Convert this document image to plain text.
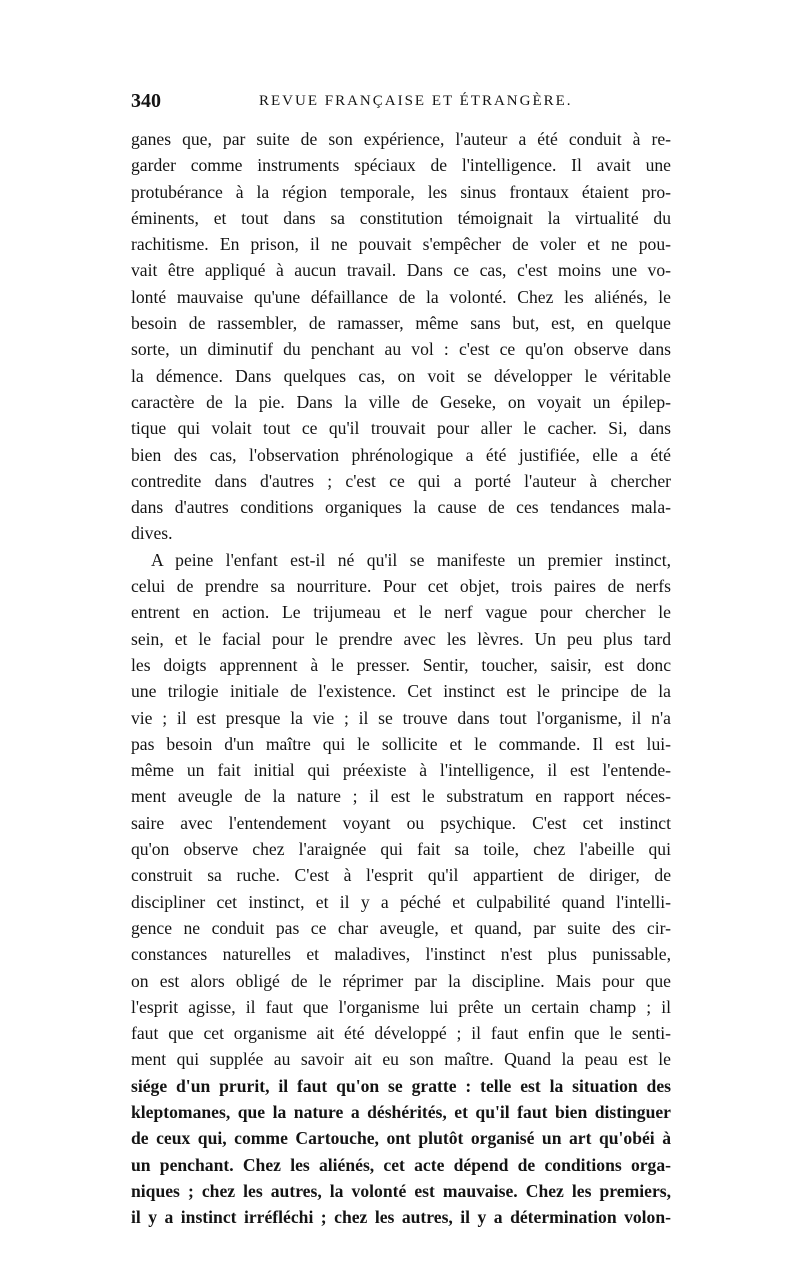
340	REVUE FRANÇAISE ET ÉTRANGÈRE.
ganes que, par suite de son expérience, l'auteur a été conduit à re-
garder comme instruments spéciaux de l'intelligence. Il avait une
protubérance à la région temporale, les sinus frontaux étaient pro-
éminents, et tout dans sa constitution témoignait la virtualité du
rachitisme. En prison, il ne pouvait s'empêcher de voler et ne pou-
vait être appliqué à aucun travail. Dans ce cas, c'est moins une vo-
lonté mauvaise qu'une défaillance de la volonté. Chez les aliénés, le
besoin de rassembler, de ramasser, même sans but, est, en quelque
sorte, un diminutif du penchant au vol : c'est ce qu'on observe dans
la démence. Dans quelques cas, on voit se développer le véritable
caractère de la pie. Dans la ville de Geseke, on voyait un épilep-
tique qui volait tout ce qu'il trouvait pour aller le cacher. Si, dans
bien des cas, l'observation phrénologique a été justifiée, elle a été
contredite dans d'autres ; c'est ce qui a porté l'auteur à chercher
dans d'autres conditions organiques la cause de ces tendances mala-
dives.
A peine l'enfant est-il né qu'il se manifeste un premier instinct,
celui de prendre sa nourriture. Pour cet objet, trois paires de nerfs
entrent en action. Le trijumeau et le nerf vague pour chercher le
sein, et le facial pour le prendre avec les lèvres. Un peu plus tard
les doigts apprennent à le presser. Sentir, toucher, saisir, est donc
une trilogie initiale de l'existence. Cet instinct est le principe de la
vie ; il est presque la vie ; il se trouve dans tout l'organisme, il n'a
pas besoin d'un maître qui le sollicite et le commande. Il est lui-
même un fait initial qui préexiste à l'intelligence, il est l'entende-
ment aveugle de la nature ; il est le substratum en rapport néces-
saire avec l'entendement voyant ou psychique. C'est cet instinct
qu'on observe chez l'araignée qui fait sa toile, chez l'abeille qui
construit sa ruche. C'est à l'esprit qu'il appartient de diriger, de
discipliner cet instinct, et il y a péché et culpabilité quand l'intelli-
gence ne conduit pas ce char aveugle, et quand, par suite des cir-
constances naturelles et maladives, l'instinct n'est plus punissable,
on est alors obligé de le réprimer par la discipline. Mais pour que
l'esprit agisse, il faut que l'organisme lui prête un certain champ ; il
faut que cet organisme ait été développé ; il faut enfin que le senti-
ment qui supplée au savoir ait eu son maître. Quand la peau est le
siége d'un prurit, il faut qu'on se gratte : telle est la situation des
kleptomanes, que la nature a déshérités, et qu'il faut bien distinguer
de ceux qui, comme Cartouche, ont plutôt organisé un art qu'obéi à
un penchant. Chez les aliénés, cet acte dépend de conditions orga-
niques ; chez les autres, la volonté est mauvaise. Chez les premiers,
il y a instinct irréfléchi ; chez les autres, il y a détermination volon-
